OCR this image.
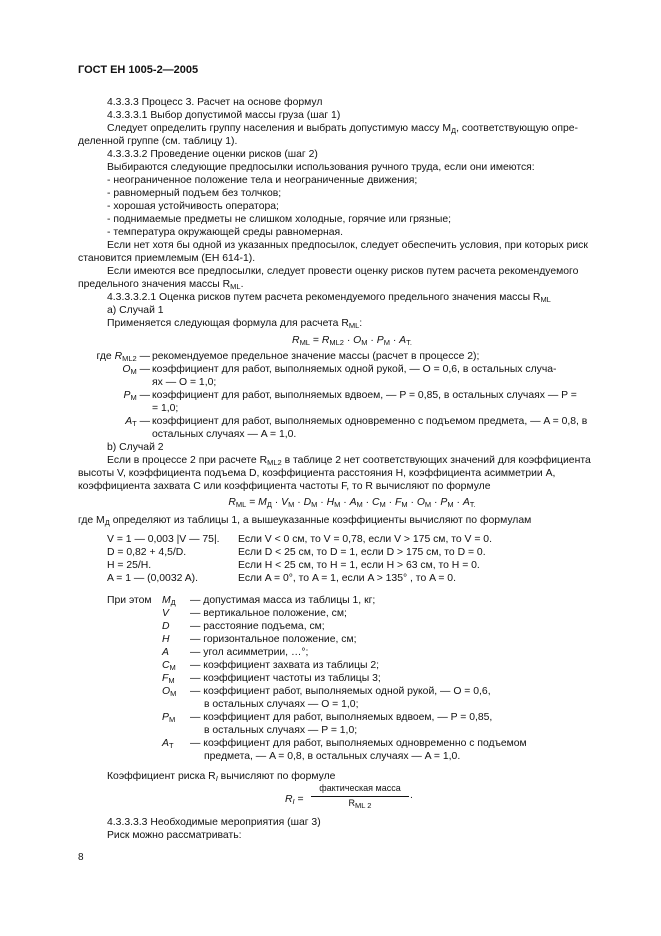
ГОСТ ЕН 1005-2—2005
4.3.3.3 Процесс 3. Расчет на основе формул
4.3.3.3.1 Выбор допустимой массы груза (шаг 1)
Следует определить группу населения и выбрать допустимую массу $M_Д$, соответствующую опре-
деленной группе (см. таблицу 1).
4.3.3.3.2 Проведение оценки рисков (шаг 2)
Выбираются следующие предпосылки использования ручного труда, если они имеются:
- неограниченное положение тела и неограниченные движения;
- равномерный подъем без толчков;
- хорошая устойчивость оператора;
- поднимаемые предметы не слишком холодные, горячие или грязные;
- температура окружающей среды равномерная.
Если нет хотя бы одной из указанных предпосылок, следует обеспечить условия, при которых риск
становится приемлемым (ЕН 614-1).
Если имеются все предпосылки, следует провести оценку рисков путем расчета рекомендуемого
предельного значения массы $R_{ML}$.
4.3.3.3.2.1 Оценка рисков путем расчета рекомендуемого предельного значения массы $R_{ML}$
а) Случай 1
Применяется следующая формула для расчета $R_{ML}$:
$R_{ML} = R_{ML2} \cdot O_M \cdot P_M \cdot A_{T.}$
где $R_{ML2}$ — рекомендуемое предельное значение массы (расчет в процессе 2);
$O_M$ — коэффициент для работ, выполняемых одной рукой, — O = 0,6, в остальных случа-
ях — O = 1,0;
$P_M$ — коэффициент для работ, выполняемых вдвоем, — P = 0,85, в остальных случаях — P =
= 1,0;
$A_T$ — коэффициент для работ, выполняемых одновременно с подъемом предмета, — A = 0,8, в
остальных случаях — A = 1,0.
b) Случай 2
Если в процессе 2 при расчете $R_{ML2}$ в таблице 2 нет соответствующих значений для коэффициента
высоты V, коэффициента подъема D, коэффициента расстояния H, коэффициента асимметрии A,
коэффициента захвата C или коэффициента частоты F, то R вычисляют по формуле
$R_{ML} = M_Д \cdot V_M \cdot D_M \cdot H_M \cdot A_M \cdot C_M \cdot F_M \cdot O_M \cdot P_M \cdot A_{T.}$
где $M_Д$ определяют из таблицы 1, а вышеуказанные коэффициенты вычисляют по формулам
V = 1 — 0,003 |V — 75|. Если V < 0 см, то V = 0,78, если V > 175 см, то V = 0.
D = 0,82 + 4,5/D.	Если D < 25 см, то D = 1, если D > 175 см, то D = 0.
H = 25/H.	Если H < 25 см, то H = 1, если H > 63 см, то H = 0.
A = 1 — (0,0032 A).	Если A = 0°, то A = 1, если A > 135° , то A = 0.
При этом $M_Д$ — допустимая масса из таблицы 1, кг;
V — вертикальное положение, см;
D — расстояние подъема, см;
H — горизонтальное положение, см;
A — угол асимметрии, …°;
$C_M$ — коэффициент захвата из таблицы 2;
$F_M$ — коэффициент частоты из таблицы 3;
$O_M$ — коэффициент работ, выполняемых одной рукой, — O = 0,6,
в остальных случаях — O = 1,0;
$P_M$ — коэффициент для работ, выполняемых вдвоем, — P = 0,85,
в остальных случаях — P = 1,0;
$A_T$ — коэффициент для работ, выполняемых одновременно с подъемом
предмета, — A = 0,8, в остальных случаях — A = 1,0.
Коэффициент риска $R_I$ вычисляют по формуле
$R_I$ =
фактическая масса
$R_{ML 2}$
.
4.3.3.3.3 Необходимые мероприятия (шаг 3)
Риск можно рассматривать:
8
